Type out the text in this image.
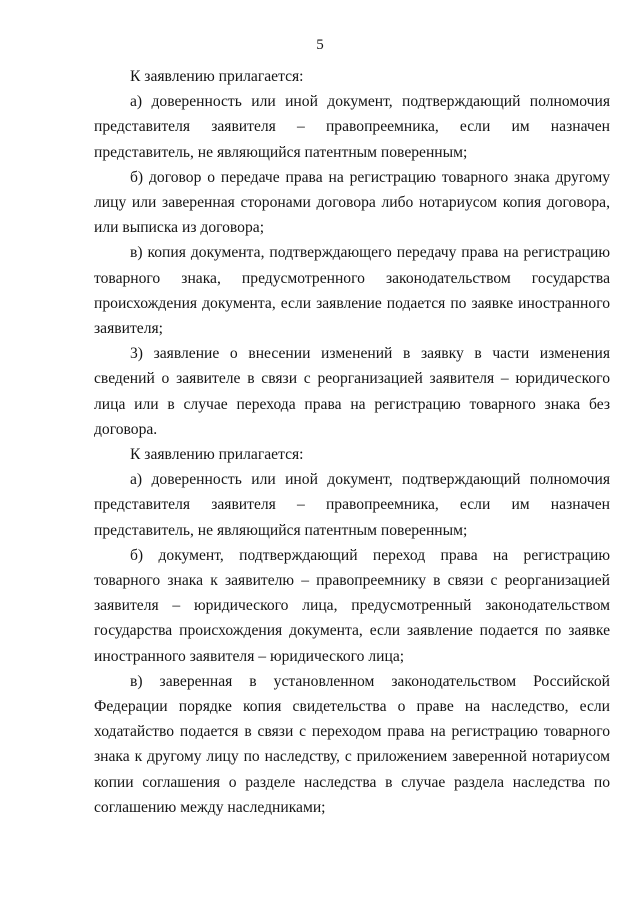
5

К заявлению прилагается:

а) доверенность или иной документ, подтверждающий полномочия представителя заявителя – правопреемника, если им назначен представитель, не являющийся патентным поверенным;

б) договор о передаче права на регистрацию товарного знака другому лицу или заверенная сторонами договора либо нотариусом копия договора, или выписка из договора;

в) копия документа, подтверждающего передачу права на регистрацию товарного знака, предусмотренного законодательством государства происхождения документа, если заявление подается по заявке иностранного заявителя;

3) заявление о внесении изменений в заявку в части изменения сведений о заявителе в связи с реорганизацией заявителя – юридического лица или в случае перехода права на регистрацию товарного знака без договора.

К заявлению прилагается:

а) доверенность или иной документ, подтверждающий полномочия представителя заявителя – правопреемника, если им назначен представитель, не являющийся патентным поверенным;

б) документ, подтверждающий переход права на регистрацию товарного знака к заявителю – правопреемнику в связи с реорганизацией заявителя – юридического лица, предусмотренный законодательством государства происхождения документа, если заявление подается по заявке иностранного заявителя – юридического лица;

в) заверенная в установленном законодательством Российской Федерации порядке копия свидетельства о праве на наследство, если ходатайство подается в связи с переходом права на регистрацию товарного знака к другому лицу по наследству, с приложением заверенной нотариусом копии соглашения о разделе наследства в случае раздела наследства по соглашению между наследниками;
